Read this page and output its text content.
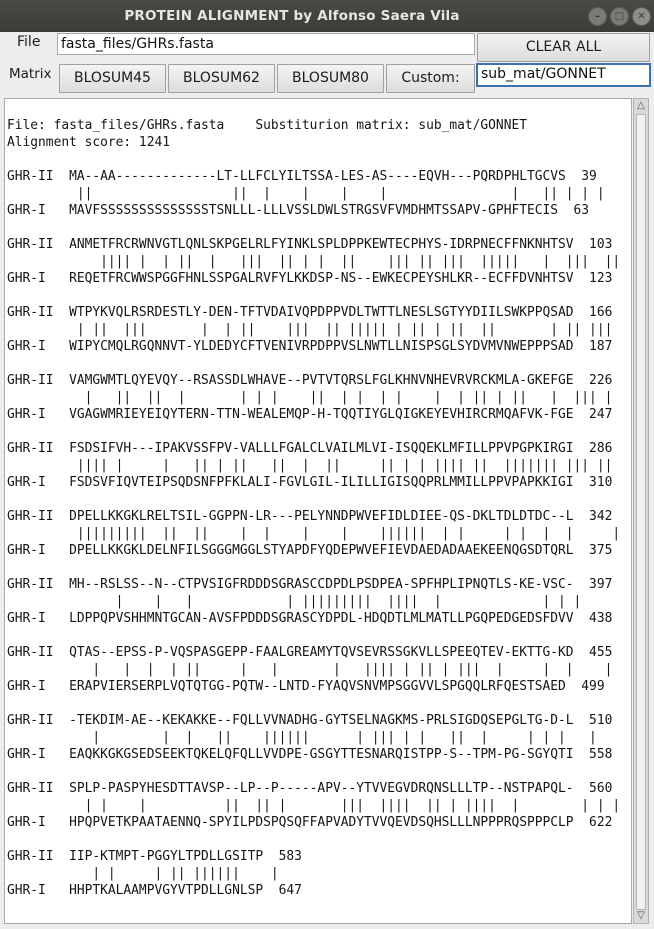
PROTEIN ALIGNMENT by Alfonso Saera Vila	–	□	✕
File fasta_files/GHRs.fasta	CLEAR ALL
Matrix	BLOSUM45	BLOSUM62	BLOSUM80	Custom:	sub_mat/GONNET
File: fasta_files/GHRs.fasta    Substiturion matrix: sub_mat/GONNET
Alignment score: 1241

GHR-II  MA--AA-------------LT-LLFCLYILTSSA-LES-AS----EQVH---PQRDPHLTGCVS  39
||                  ||  |    |    |    |                |   || | | |
GHR-I   MAVFSSSSSSSSSSSSSSTSNLLL-LLLVSSLDWLSTRGSVFVMDHMTSSAPV-GPHFTECIS  63

GHR-II  ANMETFRCRWNVGTLQNLSKPGELRLFYINKLSPLDPPKEWTECPHYS-IDRPNECFFNKNHTSV  103
|||| |  | ||  |   |||  || | |  ||    ||| || |||  |||||   |  |||  ||
GHR-I   REQETFRCWWSPGGFHNLSSPGALRVFYLKKDSP-NS--EWKECPEYSHLKR--ECFFDVNHTSV  123

GHR-II  WTPYKVQLRSRDESTLY-DEN-TFTVDAIVQPDPPVDLTWTTLNESLSGTYYDIILSWKPPQSAD  166
| ||  |||       |  | ||    |||  || ||||| | || | ||  ||       | || |||
GHR-I   WIPYCMQLRGQNNVT-YLDEDYCFTVENIVRPDPPVSLNWTLLNISPSGLSYDVMVNWEPPPSAD  187

GHR-II  VAMGWMTLQYEVQY--RSASSDLWHAVE--PVTVTQRSLFGLKHNVNHEVRVRCKMLA-GKEFGE  226
|   ||  ||  |       | | |    ||  | |  | |    |  | || | ||   |  ||| |
GHR-I   VGAGWMRIEYEIQYTERN-TTN-WEALEMQP-H-TQQTIYGLQIGKEYEVHIRCRMQAFVK-FGE  247

GHR-II  FSDSIFVH---IPAKVSSFPV-VALLLFGALCLVAILMLVI-ISQQEKLMFILLPPVPGPKIRGI  286
|||| |     |   || | ||   ||  |  ||     || | | |||| ||  ||||||| ||| ||
GHR-I   FSDSVFIQVTEIPSQDSNFPFKLALI-FGVLGIL-ILILLIGISQQPRLMMILLPPVPAPKKIGI  310

GHR-II  DPELLKKGKLRELTSIL-GGPPN-LR---PELYNNDPWVEFIDLDIEE-QS-DKLTDLDTDC--L  342
|||||||||  ||  ||    |  |    |    |    ||||||  | |     | |  |  |     |
GHR-I   DPELLKKGKLDELNFILSGGGMGGLSTYAPDFYQDEPWVEFIEVDAEDADAAEKEENQGSDTQRL  375

GHR-II  MH--RSLSS--N--CTPVSIGFRDDDSGRASCCDPDLPSDPEA-SPFHPLIPNQTLS-KE-VSC-  397
|    |   |            | |||||||||  ||||  |             | | |
GHR-I   LDPPQPVSHHMNTGCAN-AVSFPDDDSGRASCYDPDL-HDQDTLMLMATLLPGQPEDGEDSFDVV  438

GHR-II  QTAS--EPSS-P-VQSPASGEPP-FAALGREAMYTQVSEVRSSGKVLLSPEEQTEV-EKTTG-KD  455
|   |  |  | ||     |   |       |   |||| | || | |||  |     |  |    |
GHR-I   ERAPVIERSERPLVQTQTGG-PQTW--LNTD-FYAQVSNVMPSGGVVLSPGQQLRFQESTSAED  499

GHR-II  -TEKDIM-AE--KEKAKKE--FQLLVVNADHG-GYTSELNAGKMS-PRLSIGDQSEPGLTG-D-L  510
|        |  |   ||    ||||||      | ||| | |   ||  |     | | |   |
GHR-I   EAQKKGKGSEDSEEKTQKELQFQLLVVDPE-GSGYTTESNARQISTPP-S--TPM-PG-SGYQTI  558

GHR-II  SPLP-PASPYHESDTTAVSP--LP--P-----APV--YTVVEGVDRQNSLLLTP--NSTPAPQL-  560
| |    |          ||  || |       |||  ||||  || | ||||  |        | | |
GHR-I   HPQPVETKPAATAENNQ-SPYILPDSPQSQFFAPVADYTVVQEVDSQHSLLLNPPPRQSPPPCLP  622

GHR-II  IIP-KTMPT-PGGYLTPDLLGSITP  583
| |     | || ||||||    |
GHR-I   HHPTKALAAMPVGYVTPDLLGNLSP  647

△
▽
